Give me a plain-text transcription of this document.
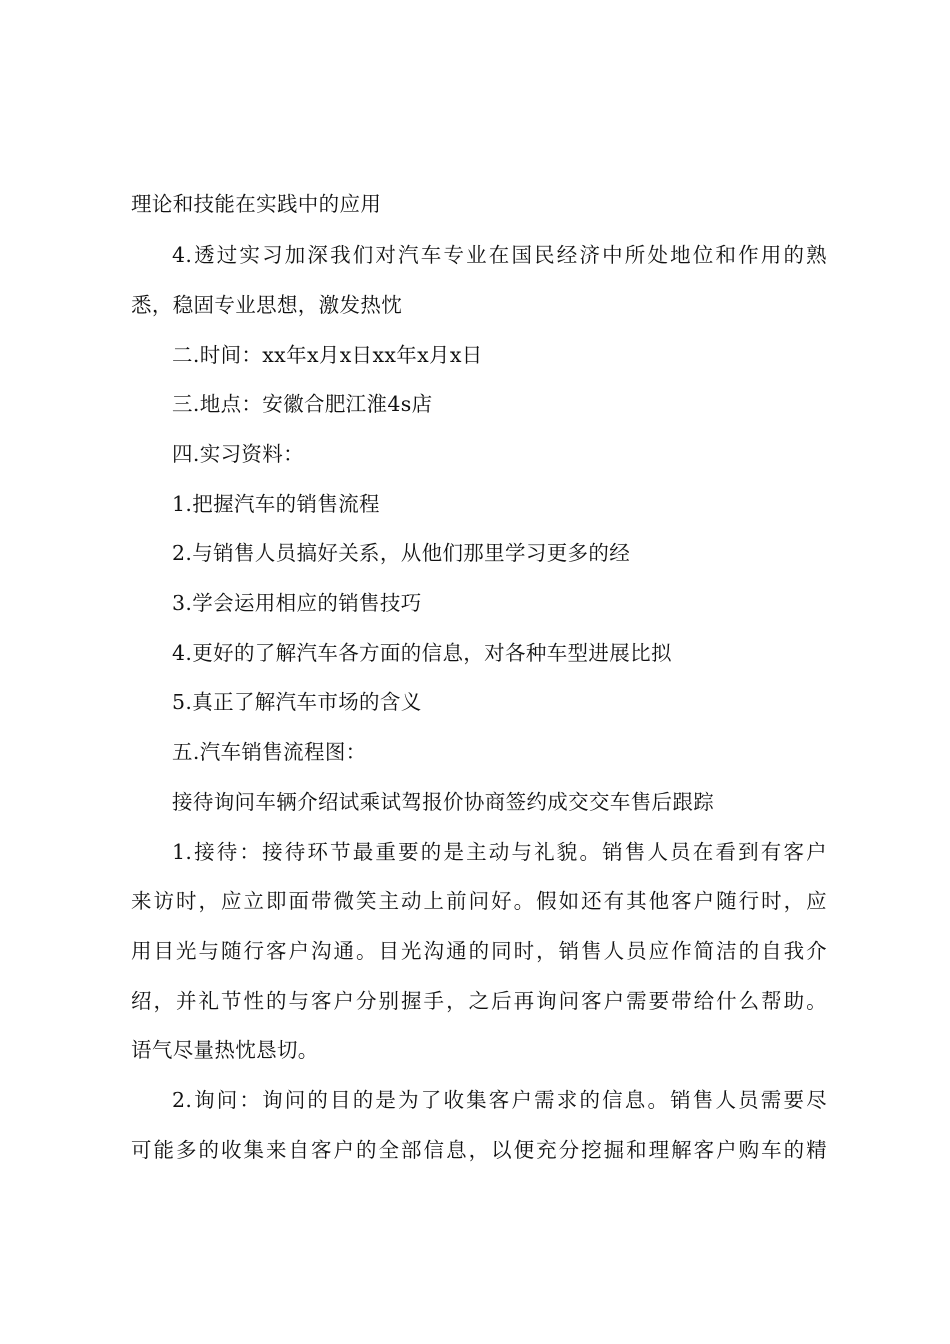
理论和技能在实践中的应用
4.透过实习加深我们对汽车专业在国民经济中所处地位和作用的熟
悉，稳固专业思想，激发热忱
二.时间：xx年x月x日xx年x月x日
三.地点：安徽合肥江淮4s店
四.实习资料：
1.把握汽车的销售流程
2.与销售人员搞好关系，从他们那里学习更多的经
3.学会运用相应的销售技巧
4.更好的了解汽车各方面的信息，对各种车型进展比拟
5.真正了解汽车市场的含义
五.汽车销售流程图：
接待询问车辆介绍试乘试驾报价协商签约成交交车售后跟踪
1.接待：接待环节最重要的是主动与礼貌。销售人员在看到有客户
来访时，应立即面带微笑主动上前问好。假如还有其他客户随行时，应
用目光与随行客户沟通。目光沟通的同时，销售人员应作简洁的自我介
绍，并礼节性的与客户分别握手，之后再询问客户需要带给什么帮助。
语气尽量热忱恳切。
2.询问：询问的目的是为了收集客户需求的信息。销售人员需要尽
可能多的收集来自客户的全部信息，以便充分挖掘和理解客户购车的精
